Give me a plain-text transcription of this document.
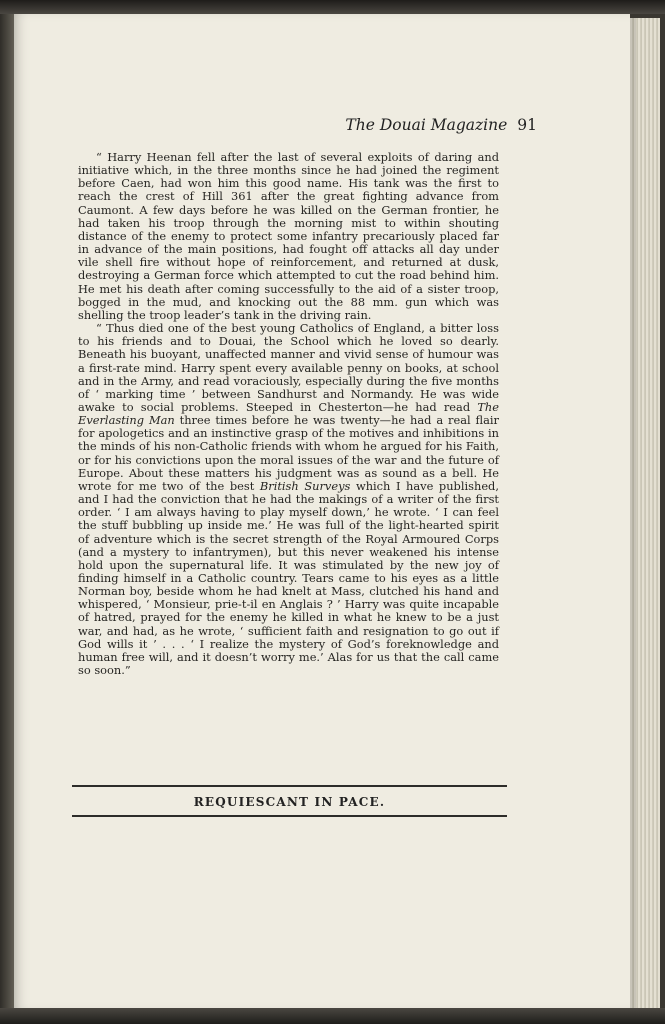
The Douai Magazine 91

“ Harry Heenan fell after the last of several exploits of daring and initiative which, in the three months since he had joined the regiment before Caen, had won him this good name. His tank was the first to reach the crest of Hill 361 after the great fighting advance from Caumont. A few days before he was killed on the German frontier, he had taken his troop through the morning mist to within shouting distance of the enemy to protect some infantry precariously placed far in advance of the main positions, had fought off attacks all day under vile shell fire without hope of reinforcement, and returned at dusk, destroying a German force which attempted to cut the road behind him. He met his death after coming successfully to the aid of a sister troop, bogged in the mud, and knocking out the 88 mm. gun which was shelling the troop leader’s tank in the driving rain.

“ Thus died one of the best young Catholics of England, a bitter loss to his friends and to Douai, the School which he loved so dearly. Beneath his buoyant, unaffected manner and vivid sense of humour was a first-rate mind. Harry spent every available penny on books, at school and in the Army, and read voraciously, especially during the five months of ‘ marking time ’ between Sandhurst and Normandy. He was wide awake to social problems. Steeped in Chesterton—he had read The Everlasting Man three times before he was twenty—he had a real flair for apologetics and an instinctive grasp of the motives and inhibitions in the minds of his non-Catholic friends with whom he argued for his Faith, or for his convictions upon the moral issues of the war and the future of Europe. About these matters his judgment was as sound as a bell. He wrote for me two of the best British Surveys which I have published, and I had the conviction that he had the makings of a writer of the first order. ‘ I am always having to play myself down,’ he wrote. ‘ I can feel the stuff bubbling up inside me.’ He was full of the light-hearted spirit of adventure which is the secret strength of the Royal Armoured Corps (and a mystery to infantrymen), but this never weakened his intense hold upon the supernatural life. It was stimulated by the new joy of finding himself in a Catholic country. Tears came to his eyes as a little Norman boy, beside whom he had knelt at Mass, clutched his hand and whispered, ‘ Monsieur, prie-t-il en Anglais ? ’ Harry was quite incapable of hatred, prayed for the enemy he killed in what he knew to be a just war, and had, as he wrote, ‘ sufficient faith and resignation to go out if God wills it ’ . . . ‘ I realize the mystery of God’s foreknowledge and human free will, and it doesn’t worry me.’ Alas for us that the call came so soon.”

REQUIESCANT IN PACE.
